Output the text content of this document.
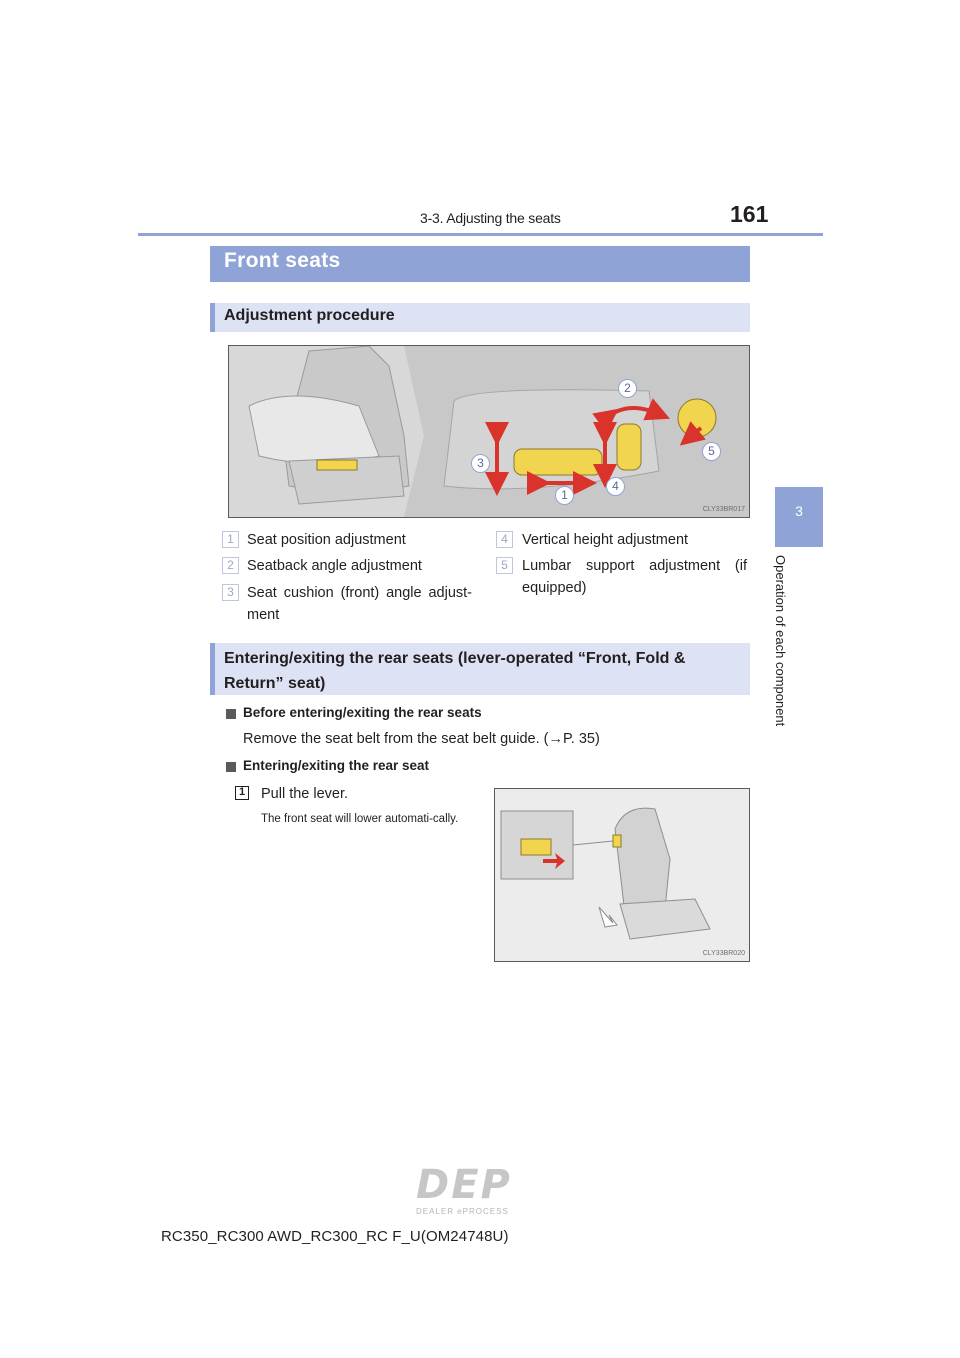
3-3. Adjusting the seats	161
3
Operation of each component
Front seats
Adjustment procedure
1
2
3
4
5
CLY33BR017
1 Seat position adjustment
2 Seatback angle adjustment
3 Seat cushion (front) angle adjust-ment
4 Vertical height adjustment
5 Lumbar support adjustment (if equipped)
Entering/exiting the rear seats (lever-operated “Front, Fold & Return” seat)
Before entering/exiting the rear seats
Remove the seat belt from the seat belt guide. (→P. 35)
Entering/exiting the rear seat
1 Pull the lever.
The front seat will lower automati-cally.
CLY33BR020
DEP
DEALER ePROCESS
RC350_RC300 AWD_RC300_RC F_U(OM24748U)
